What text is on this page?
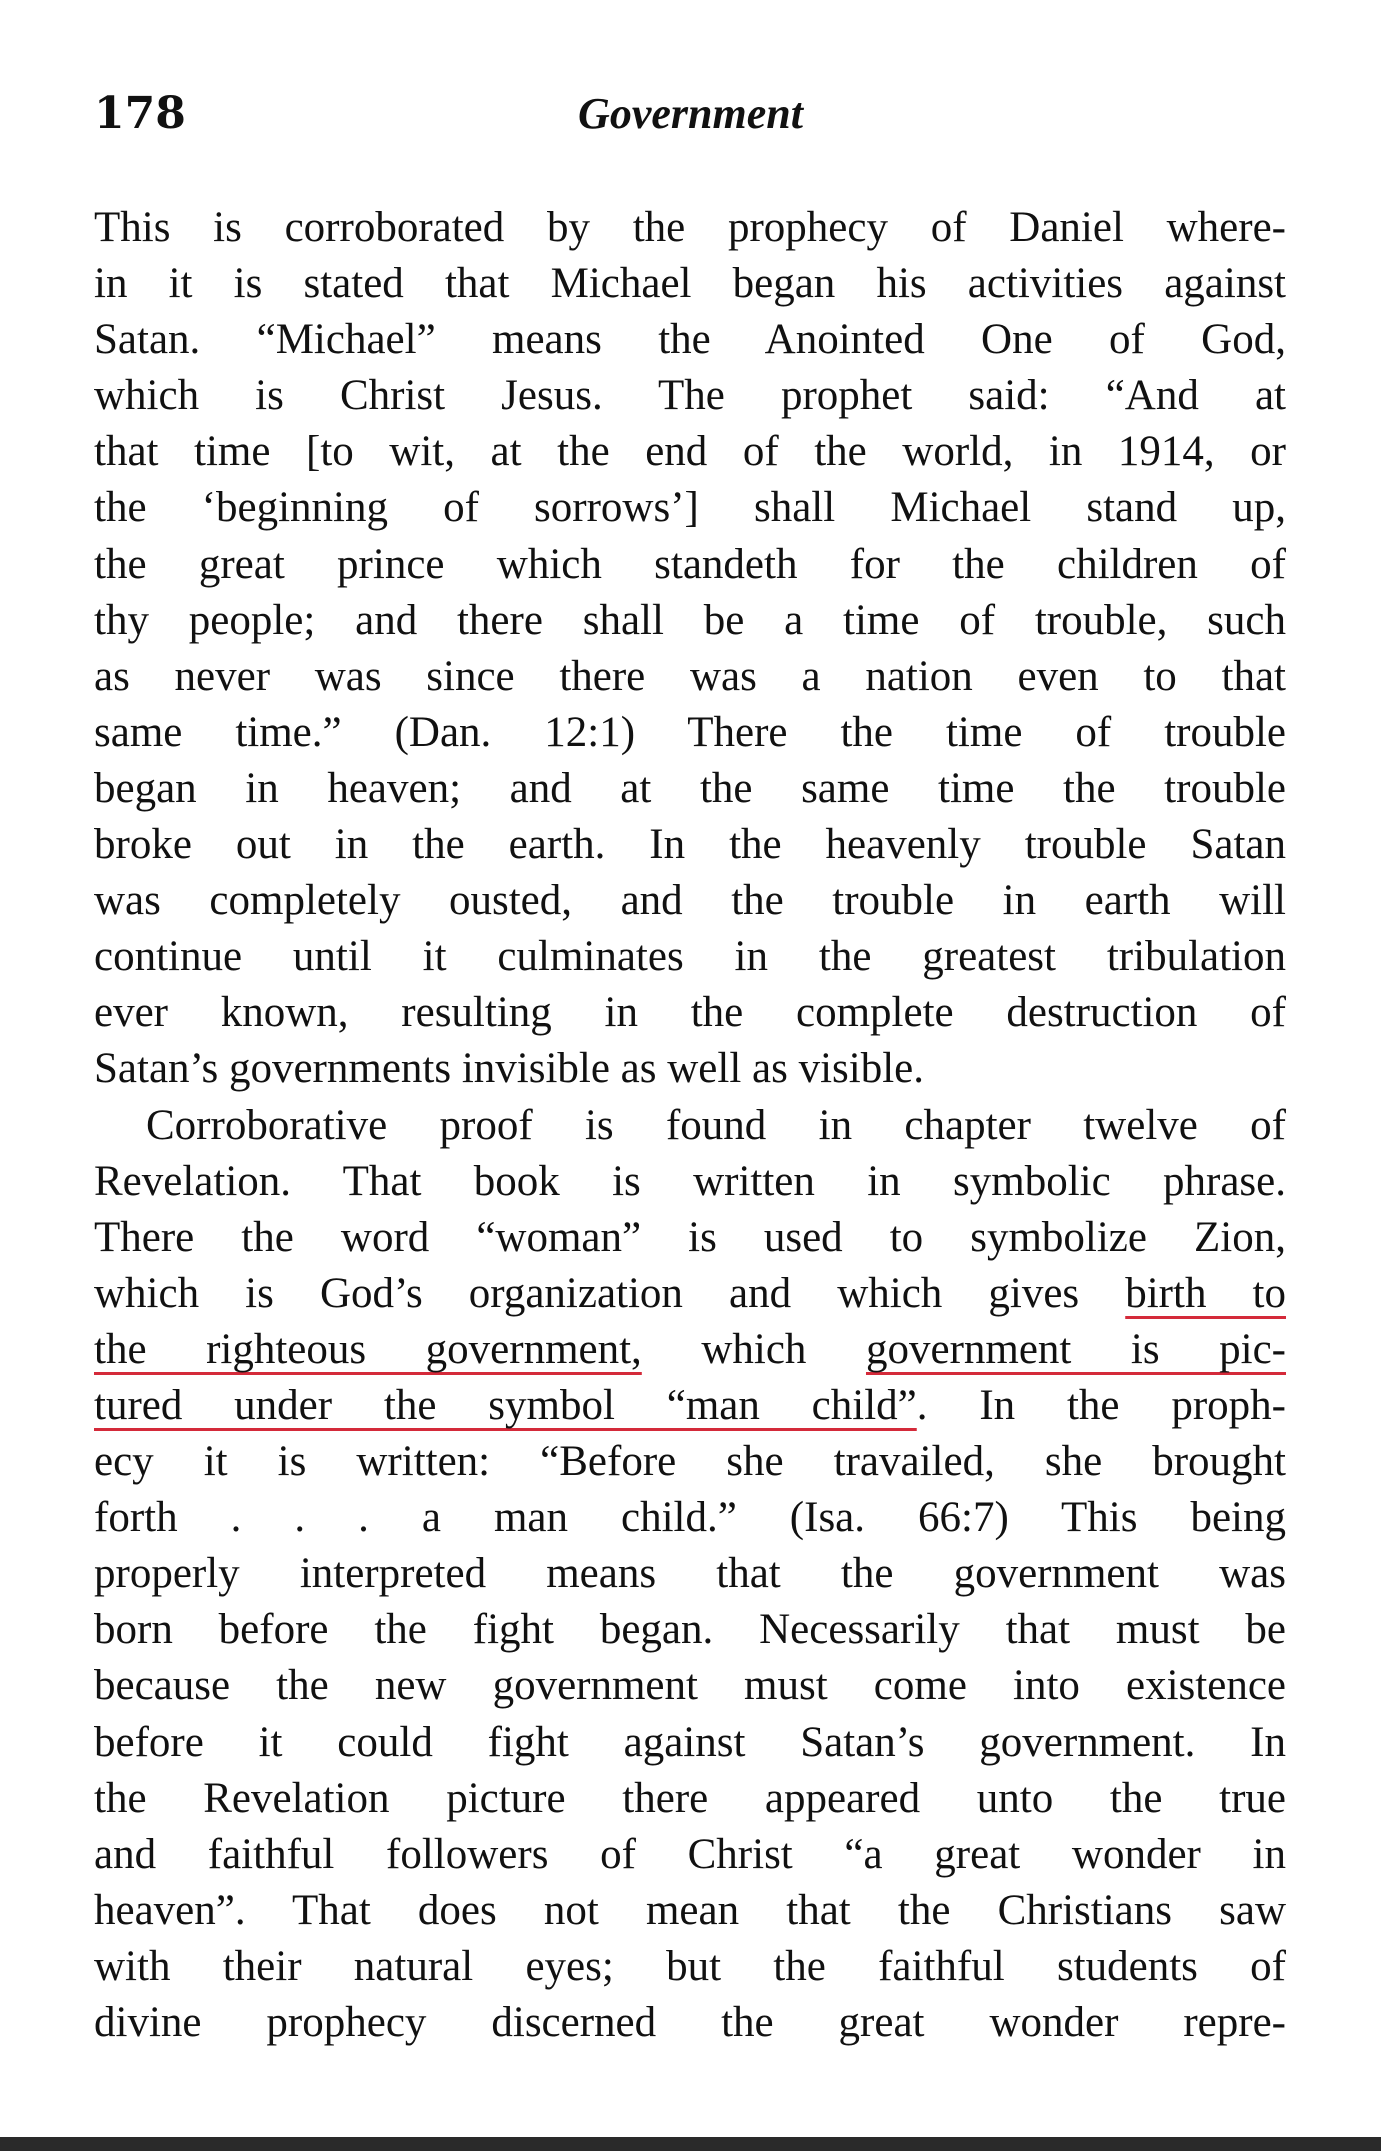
178	Government
This is corroborated by the prophecy of Daniel where-
in it is stated that Michael began his activities against
Satan. “Michael” means the Anointed One of God,
which is Christ Jesus. The prophet said: “And at
that time [to wit, at the end of the world, in 1914, or
the ‘beginning of sorrows’] shall Michael stand up,
the great prince which standeth for the children of
thy people; and there shall be a time of trouble, such
as never was since there was a nation even to that
same time.” (Dan. 12:1) There the time of trouble
began in heaven; and at the same time the trouble
broke out in the earth. In the heavenly trouble Satan
was completely ousted, and the trouble in earth will
continue until it culminates in the greatest tribulation
ever known, resulting in the complete destruction of
Satan’s governments invisible as well as visible.
Corroborative proof is found in chapter twelve of
Revelation. That book is written in symbolic phrase.
There the word “woman” is used to symbolize Zion,
which is God’s organization and which gives birth to
the righteous government, which government is pic-
tured under the symbol “man child”. In the proph-
ecy it is written: “Before she travailed, she brought
forth . . . a man child.” (Isa. 66:7) This being
properly interpreted means that the government was
born before the fight began. Necessarily that must be
because the new government must come into existence
before it could fight against Satan’s government. In
the Revelation picture there appeared unto the true
and faithful followers of Christ “a great wonder in
heaven”. That does not mean that the Christians saw
with their natural eyes; but the faithful students of
divine prophecy discerned the great wonder repre-
